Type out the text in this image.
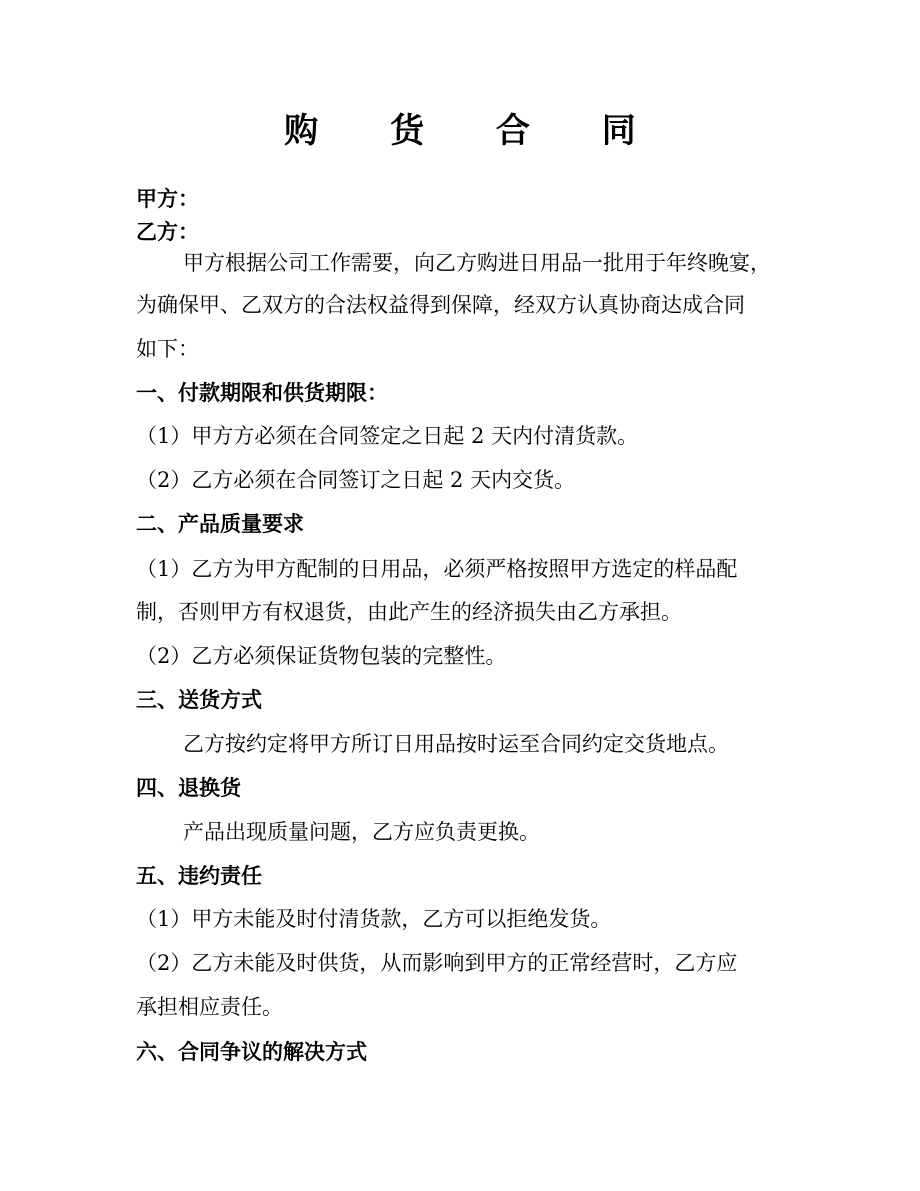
购 货 合 同
甲方：
乙方：
甲方根据公司工作需要，向乙方购进日用品一批用于年终晚宴，
为确保甲、乙双方的合法权益得到保障，经双方认真协商达成合同
如下：
一、付款期限和供货期限：
（1）甲方方必须在合同签定之日起 2 天内付清货款。
（2）乙方必须在合同签订之日起 2 天内交货。
二、产品质量要求
（1）乙方为甲方配制的日用品，必须严格按照甲方选定的样品配
制，否则甲方有权退货，由此产生的经济损失由乙方承担。
（2）乙方必须保证货物包装的完整性。
三、送货方式
乙方按约定将甲方所订日用品按时运至合同约定交货地点。
四、退换货
产品出现质量问题，乙方应负责更换。
五、违约责任
（1）甲方未能及时付清货款，乙方可以拒绝发货。
（2）乙方未能及时供货，从而影响到甲方的正常经营时，乙方应
承担相应责任。
六、合同争议的解决方式
